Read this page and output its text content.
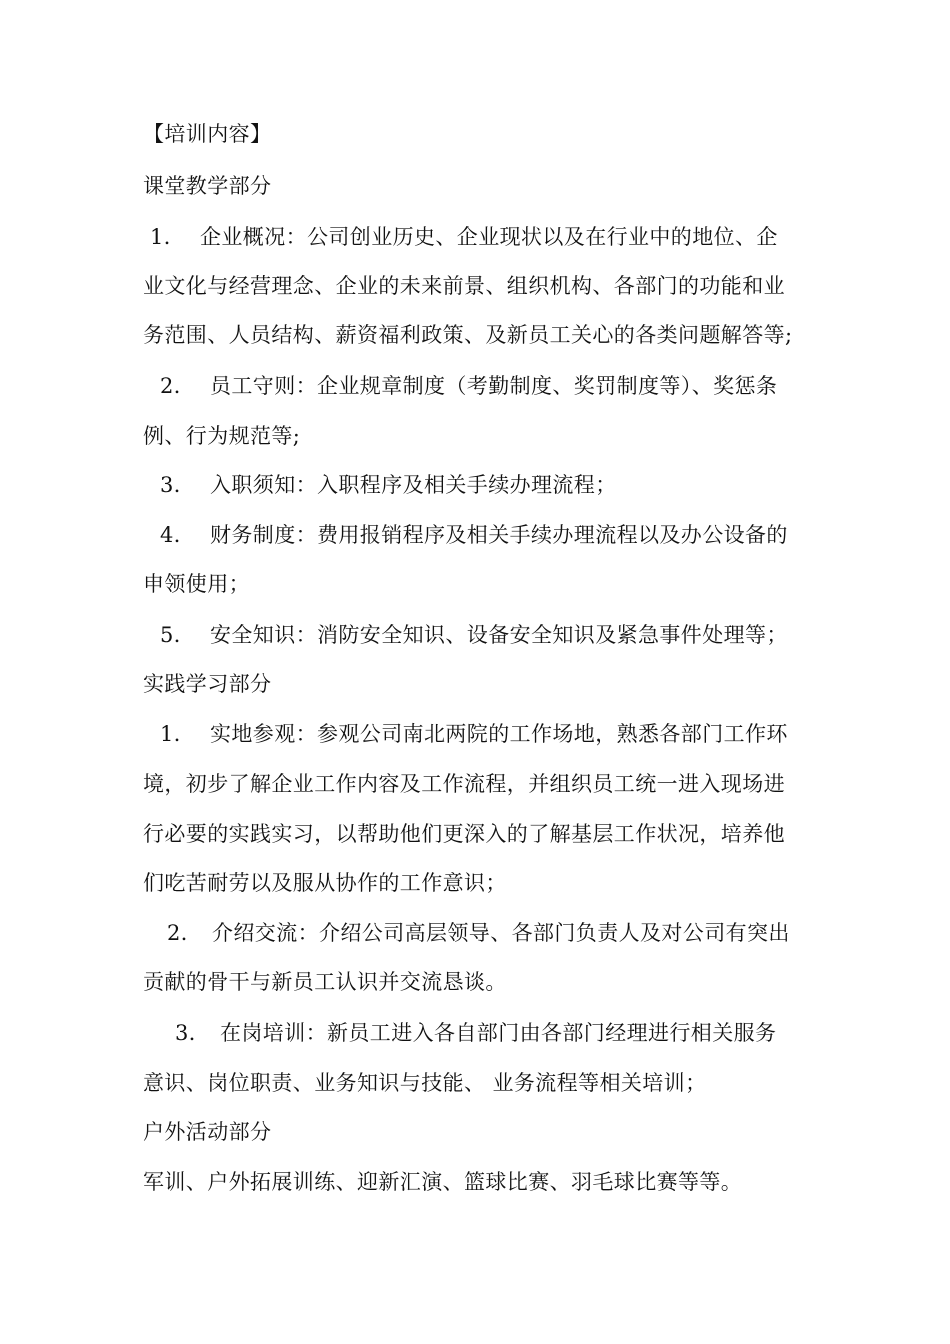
【培训内容】
课堂教学部分
1． 企业概况：公司创业历史、企业现状以及在行业中的地位、企
业文化与经营理念、企业的未来前景、组织机构、各部门的功能和业
务范围、人员结构、薪资福利政策、及新员工关心的各类问题解答等;
2． 员工守则：企业规章制度（考勤制度、奖罚制度等）、奖惩条
例、行为规范等;
3． 入职须知：入职程序及相关手续办理流程；
4． 财务制度：费用报销程序及相关手续办理流程以及办公设备的
申领使用；
5． 安全知识：消防安全知识、设备安全知识及紧急事件处理等；
实践学习部分
1． 实地参观：参观公司南北两院的工作场地，熟悉各部门工作环
境，初步了解企业工作内容及工作流程，并组织员工统一进入现场进
行必要的实践实习，以帮助他们更深入的了解基层工作状况，培养他
们吃苦耐劳以及服从协作的工作意识；
2． 介绍交流：介绍公司高层领导、各部门负责人及对公司有突出
贡献的骨干与新员工认识并交流恳谈。
3． 在岗培训：新员工进入各自部门由各部门经理进行相关服务
意识、岗位职责、业务知识与技能、 业务流程等相关培训；
户外活动部分
军训、户外拓展训练、迎新汇演、篮球比赛、羽毛球比赛等等。
